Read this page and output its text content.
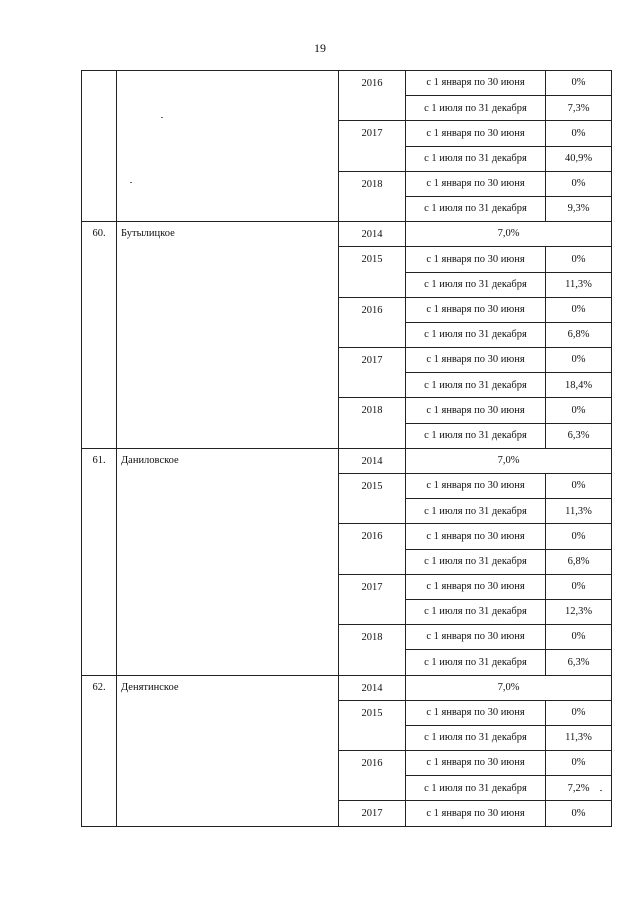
19
		2016	с 1 января по 30 июня	0%
			с 1 июля по 31 декабря	7,3%
		2017	с 1 января по 30 июня	0%
			с 1 июля по 31 декабря	40,9%
		2018	с 1 января по 30 июня	0%
			с 1 июля по 31 декабря	9,3%
60.	Бутылицкое	2014	7,0%	
		2015	с 1 января по 30 июня	0%
			с 1 июля по 31 декабря	11,3%
		2016	с 1 января по 30 июня	0%
			с 1 июля по 31 декабря	6,8%
		2017	с 1 января по 30 июня	0%
			с 1 июля по 31 декабря	18,4%
		2018	с 1 января по 30 июня	0%
			с 1 июля по 31 декабря	6,3%
61.	Даниловское	2014	7,0%	
		2015	с 1 января по 30 июня	0%
			с 1 июля по 31 декабря	11,3%
		2016	с 1 января по 30 июня	0%
			с 1 июля по 31 декабря	6,8%
		2017	с 1 января по 30 июня	0%
			с 1 июля по 31 декабря	12,3%
		2018	с 1 января по 30 июня	0%
			с 1 июля по 31 декабря	6,3%
62.	Денятинское	2014	7,0%	
		2015	с 1 января по 30 июня	0%
			с 1 июля по 31 декабря	11,3%
		2016	с 1 января по 30 июня	0%
			с 1 июля по 31 декабря	7,2%
		2017	с 1 января по 30 июня	0%
